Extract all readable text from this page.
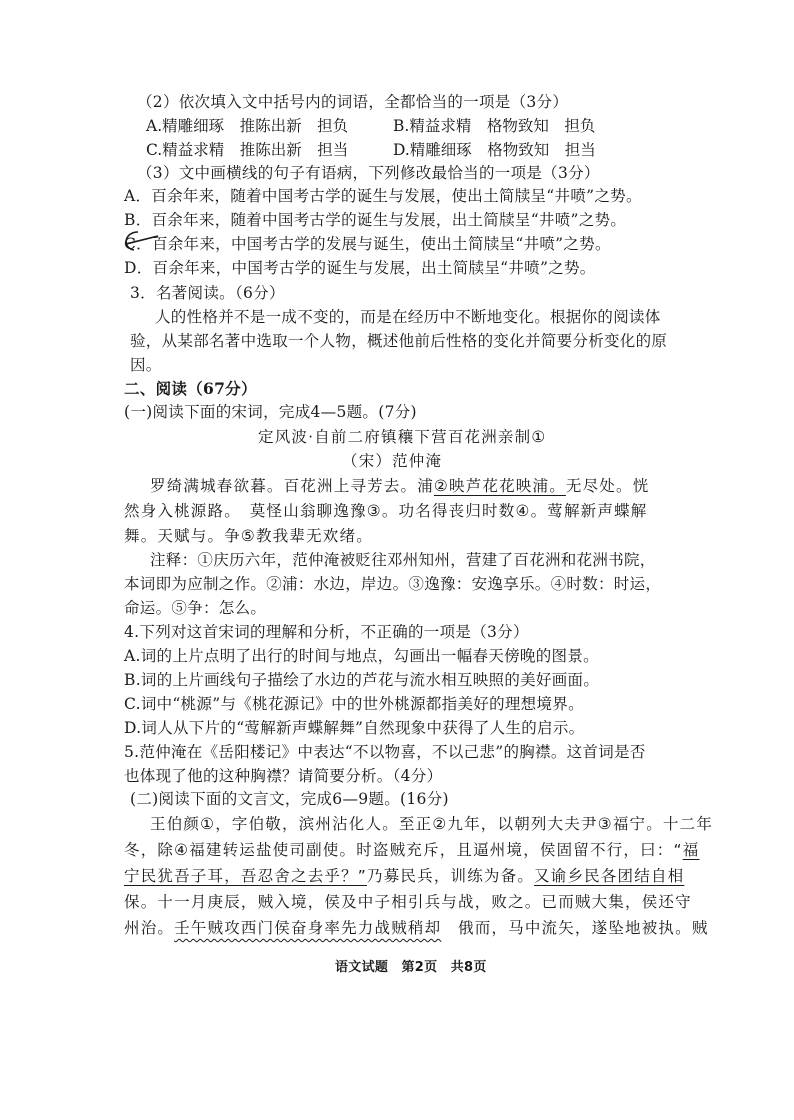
（2）依次填入文中括号内的词语，全都恰当的一项是（3分）
A.精雕细琢　推陈出新　担负	B.精益求精　格物致知　担负
C.精益求精　推陈出新　担当	D.精雕细琢　格物致知　担当
（3）文中画横线的句子有语病，下列修改最恰当的一项是（3分）
A．百余年来，随着中国考古学的诞生与发展，使出土简牍呈“井喷”之势。
B．百余年来，随着中国考古学的诞生与发展，出土简牍呈“井喷”之势。
C．百余年来，中国考古学的发展与诞生，使出土简牍呈“井喷”之势。
D．百余年来，中国考古学的诞生与发展，出土简牍呈“井喷”之势。
3．名著阅读。（6分）
人的性格并不是一成不变的，而是在经历中不断地变化。根据你的阅读体
验，从某部名著中选取一个人物，概述他前后性格的变化并简要分析变化的原
因。
二、阅读（67分）
(一)阅读下面的宋词，完成4—5题。(7分)
定风波·自前二府镇穰下营百花洲亲制①
（宋）范仲淹
罗绮满城春欲暮。百花洲上寻芳去。浦②映芦花花映浦。无尽处。恍
然身入桃源路。　莫怪山翁聊逸豫③。功名得丧归时数④。莺解新声蝶解
舞。天赋与。争⑤教我辈无欢绪。
注释：①庆历六年，范仲淹被贬往邓州知州，营建了百花洲和花洲书院，
本词即为应制之作。②浦：水边，岸边。③逸豫：安逸享乐。④时数：时运，
命运。⑤争：怎么。
4.下列对这首宋词的理解和分析，不正确的一项是（3分）
A.词的上片点明了出行的时间与地点，勾画出一幅春天傍晚的图景。
B.词的上片画线句子描绘了水边的芦花与流水相互映照的美好画面。
C.词中“桃源”与《桃花源记》中的世外桃源都指美好的理想境界。
D.词人从下片的“莺解新声蝶解舞”自然现象中获得了人生的启示。
5.范仲淹在《岳阳楼记》中表达“不以物喜，不以己悲”的胸襟。这首词是否
也体现了他的这种胸襟？请简要分析。（4分）
(二)阅读下面的文言文，完成6—9题。(16分)
王伯颜①，字伯敬，滨州沾化人。至正②九年，以朝列大夫尹③福宁。十二年
冬，除④福建转运盐使司副使。时盗贼充斥，且逼州境，侯固留不行，曰：“福
宁民犹吾子耳，吾忍舍之去乎？”乃募民兵，训练为备。又谕乡民各团结自相
保。十一月庚辰，贼入境，侯及中子相引兵与战，败之。已而贼大集，侯还守
州治。壬午贼攻西门侯奋身率先力战贼稍却　 俄而，马中流矢，遂坠地被执。贼
语文试题　第2页　共8页
